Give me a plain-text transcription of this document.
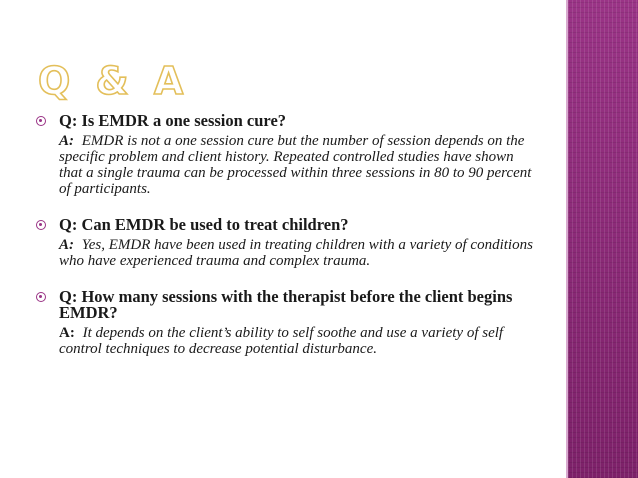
Q & A

Q: Is EMDR a one session cure?

A: EMDR is not a one session cure but the number of session depends on the specific problem and client history. Repeated controlled studies have shown that a single trauma can be processed within three sessions in 80 to 90 percent of participants.

Q: Can EMDR be used to treat children?

A: Yes, EMDR have been used in treating children with a variety of conditions who have experienced trauma and complex trauma.

Q: How many sessions with the therapist before the client begins EMDR?

A: It depends on the client’s ability to self soothe and use a variety of self control techniques to decrease potential disturbance.
